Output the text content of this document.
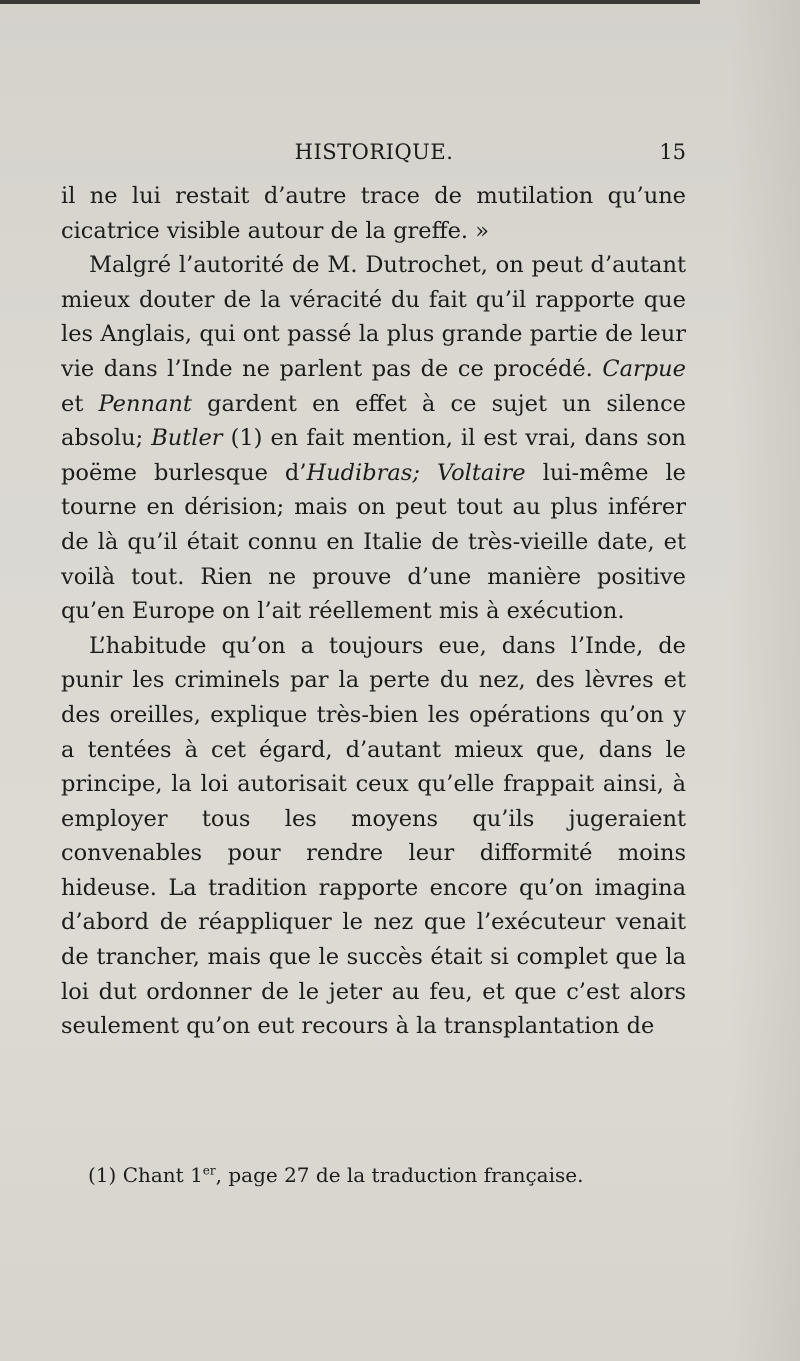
HISTORIQUE.	15

il ne lui restait d’autre trace de mutilation qu’une cicatrice visible autour de la greffe. »

Malgré l’autorité de M. Dutrochet, on peut d’autant mieux douter de la véracité du fait qu’il rapporte que les Anglais, qui ont passé la plus grande partie de leur vie dans l’Inde ne parlent pas de ce procédé. Carpue et Pennant gardent en effet à ce sujet un silence absolu; Butler (1) en fait mention, il est vrai, dans son poëme burlesque d’Hudibras; Voltaire lui-même le tourne en dérision; mais on peut tout au plus inférer de là qu’il était connu en Italie de très-vieille date, et voilà tout. Rien ne prouve d’une manière positive qu’en Europe on l’ait réellement mis à exécution.

L’habitude qu’on a toujours eue, dans l’Inde, de punir les criminels par la perte du nez, des lèvres et des oreilles, explique très-bien les opérations qu’on y a tentées à cet égard, d’autant mieux que, dans le principe, la loi autorisait ceux qu’elle frappait ainsi, à employer tous les moyens qu’ils jugeraient convenables pour rendre leur difformité moins hideuse. La tradition rapporte encore qu’on imagina d’abord de réappliquer le nez que l’exécuteur venait de trancher, mais que le succès était si complet que la loi dut ordonner de le jeter au feu, et que c’est alors seulement qu’on eut recours à la transplantation de

(1) Chant 1er, page 27 de la traduction française.
